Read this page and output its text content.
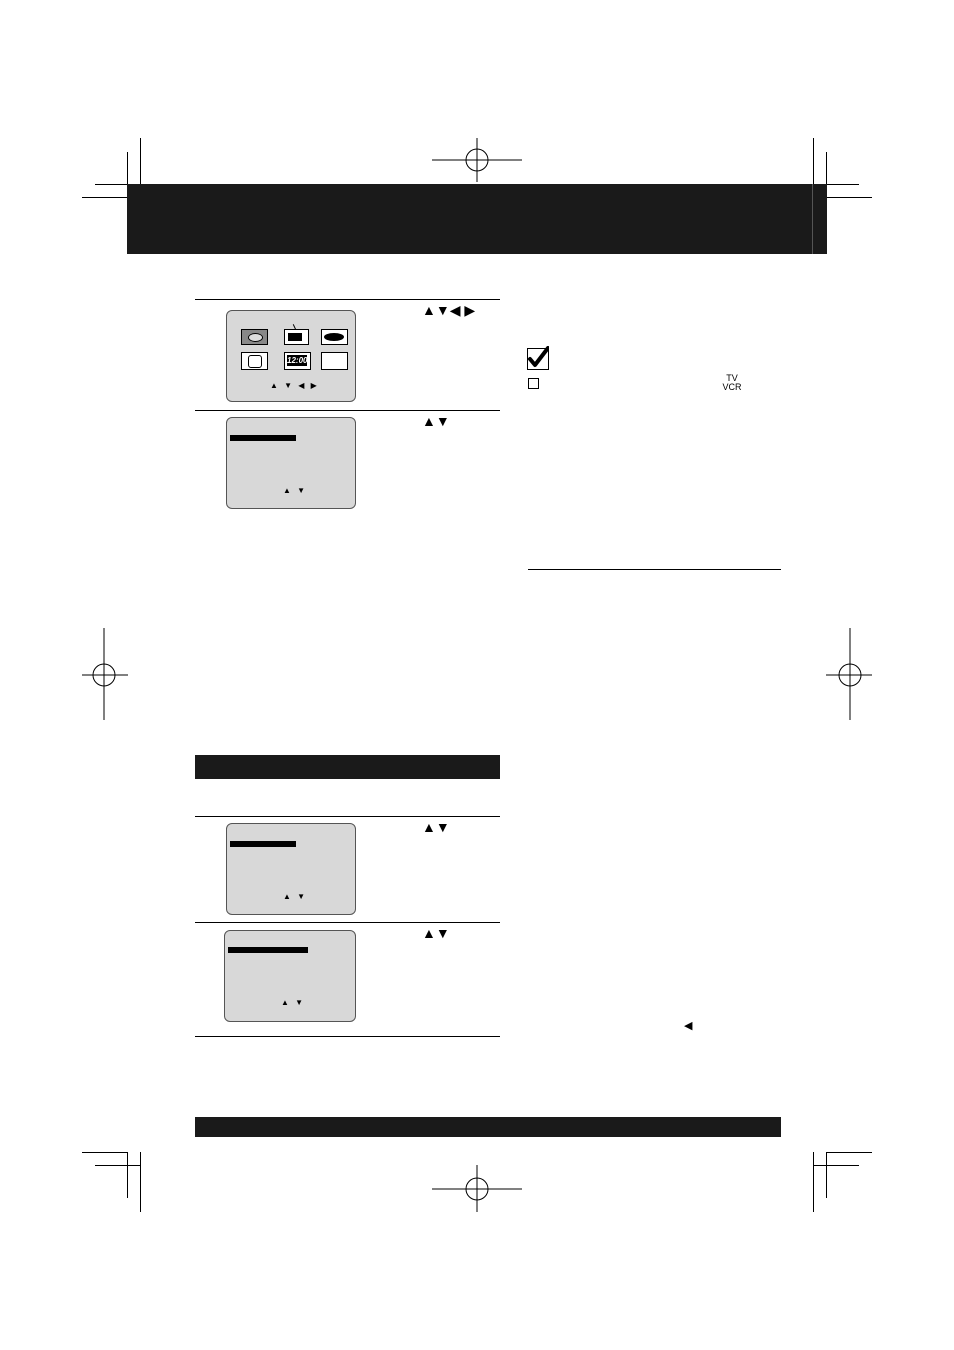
12:00
▲ ▼ ◀ ▶
▲▼◀ ▶
▲ ▼
▲▼
▲ ▼
▲▼
▲ ▼
▲▼
TV
VCR
◀
